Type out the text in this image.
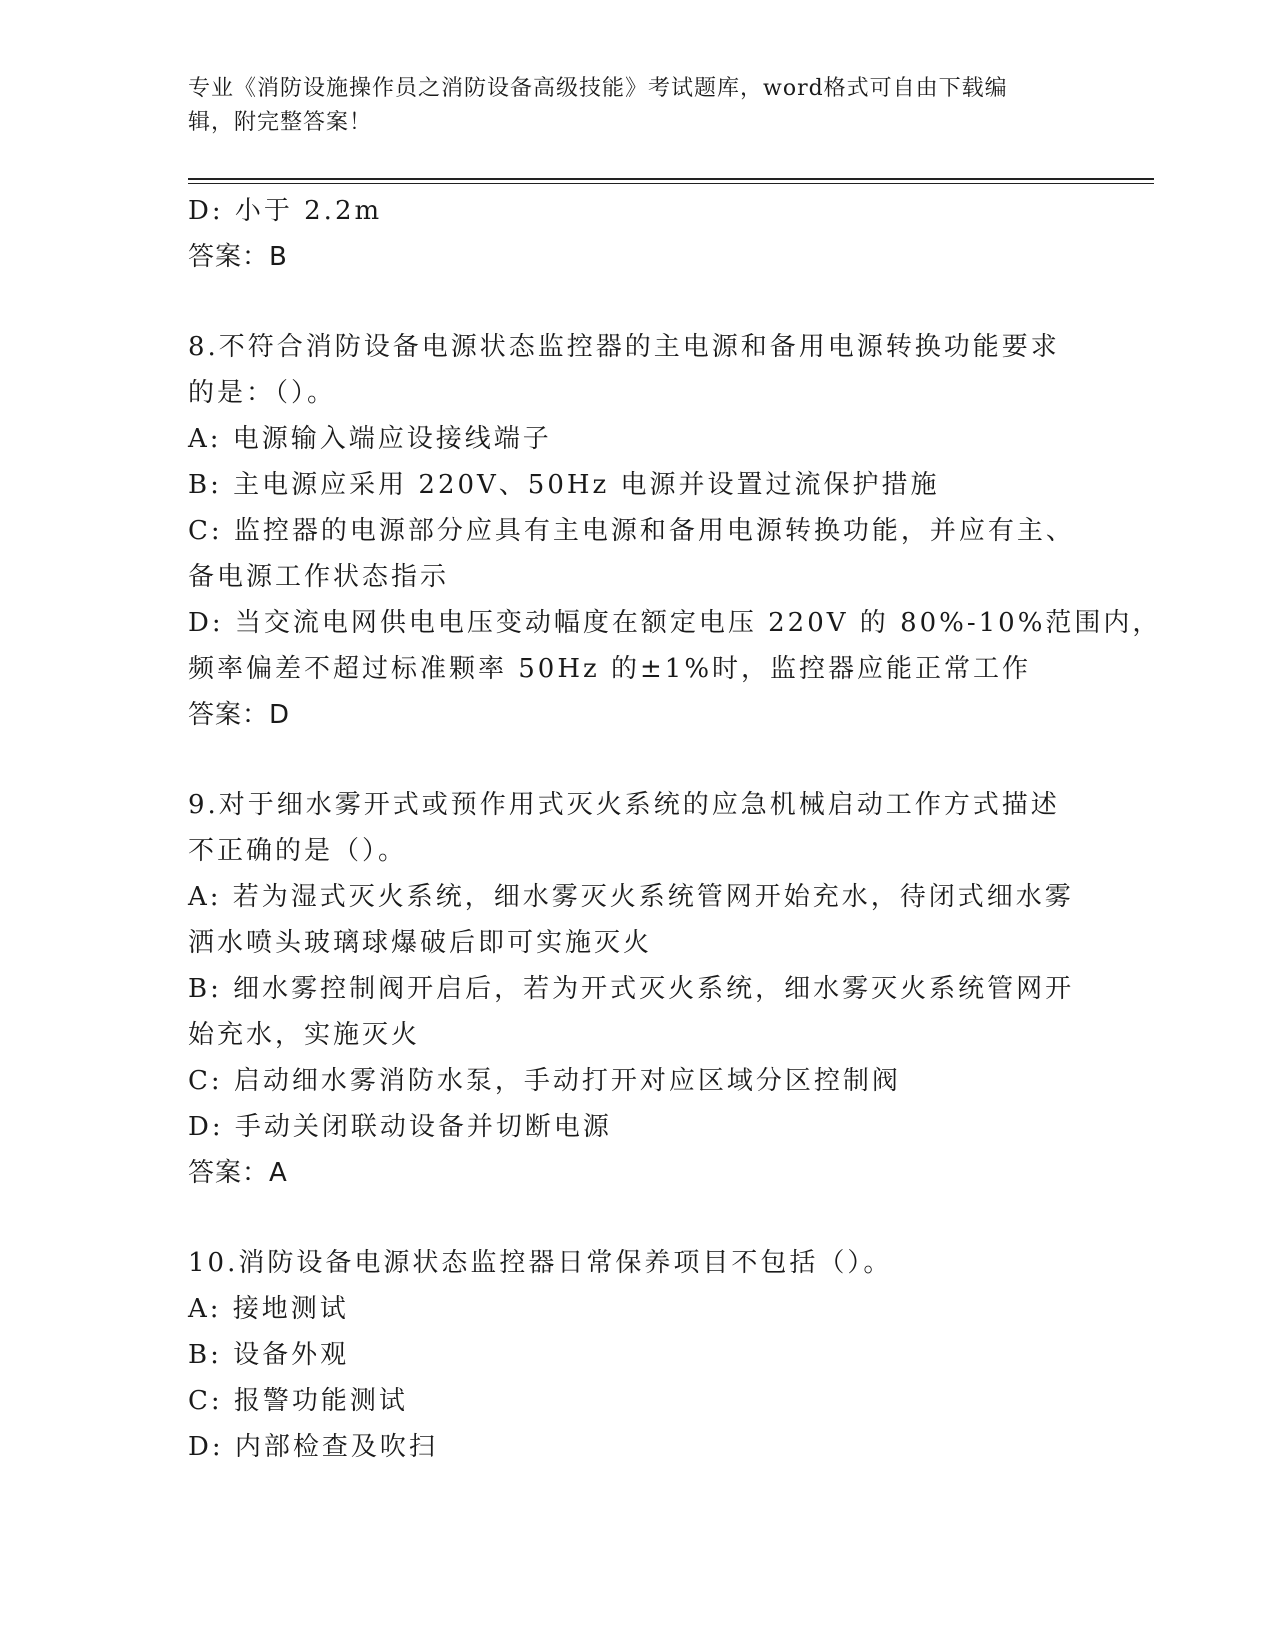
专业《消防设施操作员之消防设备高级技能》考试题库，word格式可自由下载编
辑，附完整答案！
D: 小于 2.2m
答案：B
8.不符合消防设备电源状态监控器的主电源和备用电源转换功能要求
的是：（）。
A: 电源输入端应设接线端子
B: 主电源应采用 220V、50Hz 电源并设置过流保护措施
C: 监控器的电源部分应具有主电源和备用电源转换功能，并应有主、
备电源工作状态指示
D: 当交流电网供电电压变动幅度在额定电压 220V 的 80%-10%范围内，
频率偏差不超过标准颗率 50Hz 的±1%时，监控器应能正常工作
答案：D
9.对于细水雾开式或预作用式灭火系统的应急机械启动工作方式描述
不正确的是（）。
A: 若为湿式灭火系统，细水雾灭火系统管网开始充水，待闭式细水雾
洒水喷头玻璃球爆破后即可实施灭火
B: 细水雾控制阀开启后，若为开式灭火系统，细水雾灭火系统管网开
始充水，实施灭火
C: 启动细水雾消防水泵，手动打开对应区域分区控制阀
D: 手动关闭联动设备并切断电源
答案：A
10.消防设备电源状态监控器日常保养项目不包括（）。
A: 接地测试
B: 设备外观
C: 报警功能测试
D: 内部检查及吹扫
